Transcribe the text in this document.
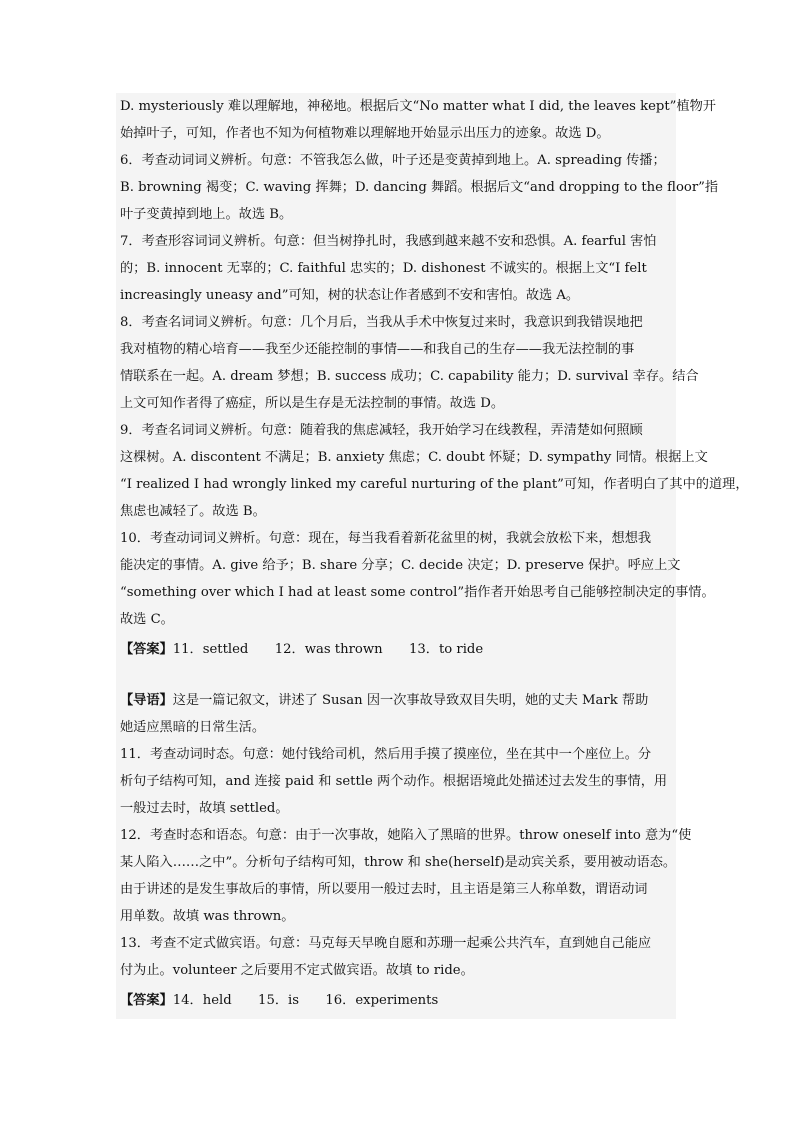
D. mysteriously 难以理解地，神秘地。根据后文“No matter what I did, the leaves kept”植物开
始掉叶子，可知，作者也不知为何植物难以理解地开始显示出压力的迹象。故选 D。
6．考查动词词义辨析。句意：不管我怎么做，叶子还是变黄掉到地上。A. spreading 传播；
B. browning 褐变；C. waving 挥舞；D. dancing 舞蹈。根据后文“and dropping to the floor”指
叶子变黄掉到地上。故选 B。
7．考查形容词词义辨析。句意：但当树挣扎时，我感到越来越不安和恐惧。A. fearful 害怕
的；B. innocent 无辜的；C. faithful 忠实的；D. dishonest 不诚实的。根据上文“I felt
increasingly uneasy and”可知，树的状态让作者感到不安和害怕。故选 A。
8．考查名词词义辨析。句意：几个月后，当我从手术中恢复过来时，我意识到我错误地把
我对植物的精心培育——我至少还能控制的事情——和我自己的生存——我无法控制的事
情联系在一起。A. dream 梦想；B. success 成功；C. capability 能力；D. survival 幸存。结合
上文可知作者得了癌症，所以是生存是无法控制的事情。故选 D。
9．考查名词词义辨析。句意：随着我的焦虑减轻，我开始学习在线教程，弄清楚如何照顾
这棵树。A. discontent 不满足；B. anxiety 焦虑；C. doubt 怀疑；D. sympathy 同情。根据上文
“I realized I had wrongly linked my careful nurturing of the plant”可知，作者明白了其中的道理，
焦虑也减轻了。故选 B。
10．考查动词词义辨析。句意：现在，每当我看着新花盆里的树，我就会放松下来，想想我
能决定的事情。A. give 给予；B. share 分享；C. decide 决定；D. preserve 保护。呼应上文
“something over which I had at least some control”指作者开始思考自己能够控制决定的事情。
故选 C。
【答案】11．settled　　12．was thrown　　13．to ride
【导语】这是一篇记叙文，讲述了 Susan 因一次事故导致双目失明，她的丈夫 Mark 帮助
她适应黑暗的日常生活。
11．考查动词时态。句意：她付钱给司机，然后用手摸了摸座位，坐在其中一个座位上。分
析句子结构可知，and 连接 paid 和 settle 两个动作。根据语境此处描述过去发生的事情，用
一般过去时，故填 settled。
12．考查时态和语态。句意：由于一次事故，她陷入了黑暗的世界。throw oneself into 意为“使
某人陷入……之中”。分析句子结构可知，throw 和 she(herself)是动宾关系，要用被动语态。
由于讲述的是发生事故后的事情，所以要用一般过去时，且主语是第三人称单数，谓语动词
用单数。故填 was thrown。
13．考查不定式做宾语。句意：马克每天早晚自愿和苏珊一起乘公共汽车，直到她自己能应
付为止。volunteer 之后要用不定式做宾语。故填 to ride。
【答案】14．held　　15．is　　16．experiments
